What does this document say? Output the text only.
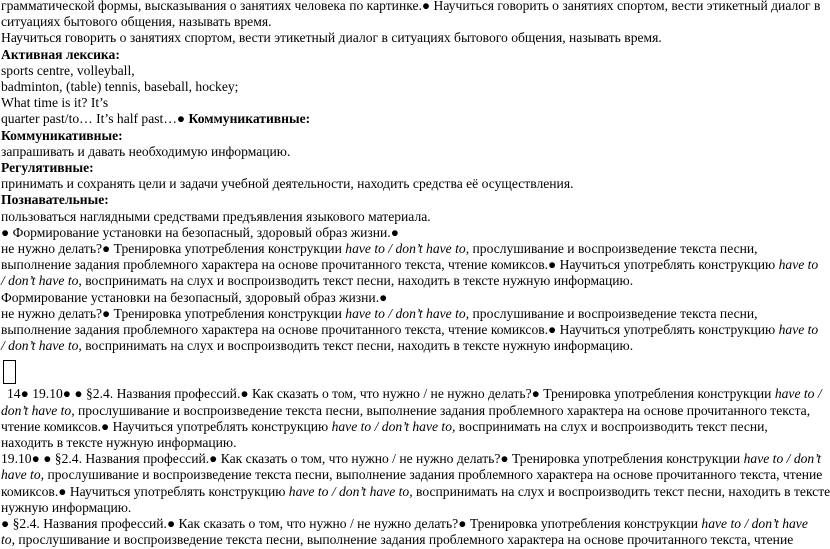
грамматической формы, высказывания о занятиях человека по картинке.● Научиться говорить о занятиях спортом, вести этикетный диалог в
ситуациях бытового общения, называть время.
Научиться говорить о занятиях спортом, вести этикетный диалог в ситуациях бытового общения, называть время.
Активная лексика:
sports centre, volleyball,
badminton, (table) tennis, baseball, hockey;
What time is it? It’s
quarter past/to… It’s half past…● Коммуникативные:
Коммуникативные:
запрашивать и давать необходимую информацию.
Регулятивные:
принимать и сохранять цели и задачи учебной деятельности, находить средства её осуществления.
Познавательные:
пользоваться наглядными средствами предъявления языкового материала.
● Формирование установки на безопасный, здоровый образ жизни.●
не нужно делать?● Тренировка употребления конструкции have to / don’t have to, прослушивание и воспроизведение текста песни,
выполнение задания проблемного характера на основе прочитанного текста, чтение комиксов.● Научиться употреблять конструкцию have to
/ don’t have to, воспринимать на слух и воспроизводить текст песни, находить в тексте нужную информацию.
Формирование установки на безопасный, здоровый образ жизни.●
не нужно делать?● Тренировка употребления конструкции have to / don’t have to, прослушивание и воспроизведение текста песни,
выполнение задания проблемного характера на основе прочитанного текста, чтение комиксов.● Научиться употреблять конструкцию have to
/ don’t have to, воспринимать на слух и воспроизводить текст песни, находить в тексте нужную информацию.
14● 19.10● ● §2.4. Названия профессий.● Как сказать о том, что нужно / не нужно делать?● Тренировка употребления конструкции have to /
don’t have to, прослушивание и воспроизведение текста песни, выполнение задания проблемного характера на основе прочитанного текста,
чтение комиксов.● Научиться употреблять конструкцию have to / don’t have to, воспринимать на слух и воспроизводить текст песни,
находить в тексте нужную информацию.
19.10● ● §2.4. Названия профессий.● Как сказать о том, что нужно / не нужно делать?● Тренировка употребления конструкции have to / don’t
have to, прослушивание и воспроизведение текста песни, выполнение задания проблемного характера на основе прочитанного текста, чтение
комиксов.● Научиться употреблять конструкцию have to / don’t have to, воспринимать на слух и воспроизводить текст песни, находить в тексте
нужную информацию.
● §2.4. Названия профессий.● Как сказать о том, что нужно / не нужно делать?● Тренировка употребления конструкции have to / don’t have
to, прослушивание и воспроизведение текста песни, выполнение задания проблемного характера на основе прочитанного текста, чтение
